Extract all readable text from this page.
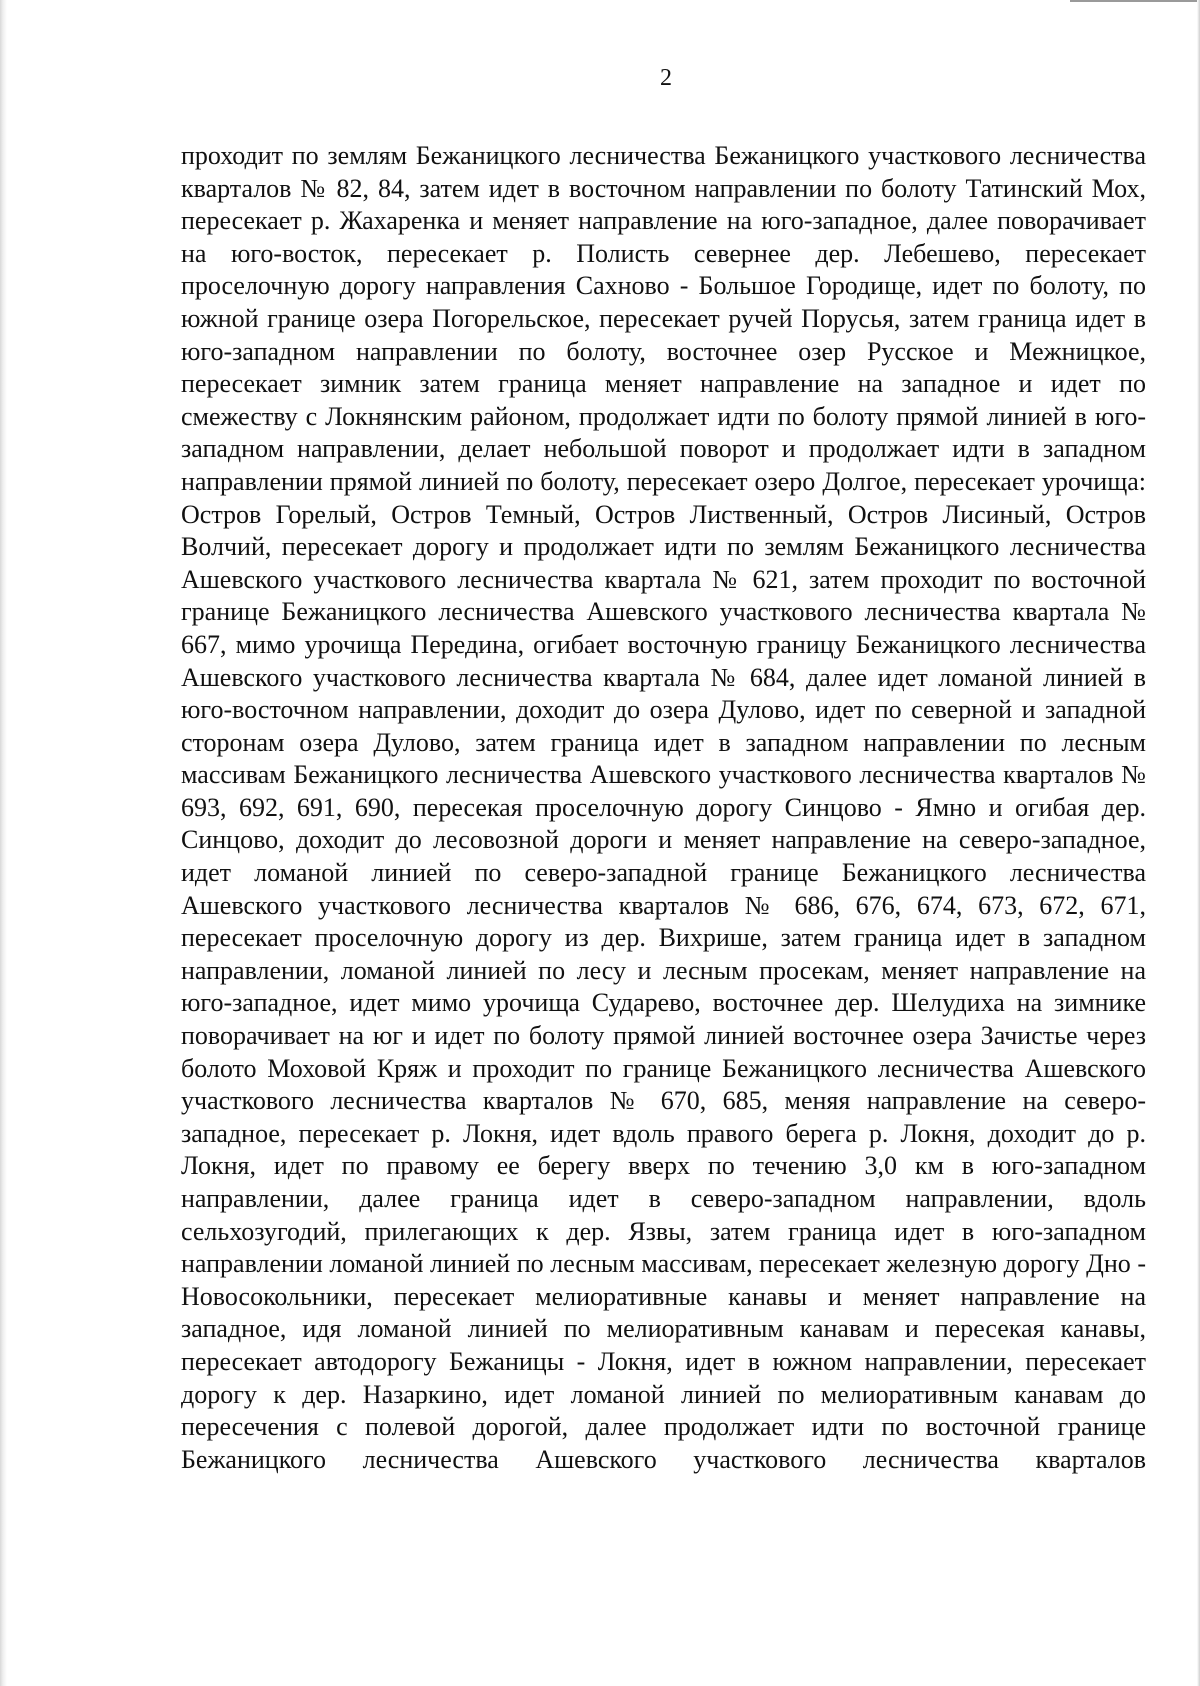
2

проходит по землям Бежаницкого лесничества Бежаницкого участкового лесничества кварталов № 82, 84, затем идет в восточном направлении по болоту Татинский Мох, пересекает р. Жахаренка и меняет направление на юго-западное, далее поворачивает на юго-восток, пересекает р. Полисть севернее дер. Лебешево, пересекает проселочную дорогу направления Сахново - Большое Городище, идет по болоту, по южной границе озера Погорельское, пересекает ручей Порусья, затем граница идет в юго-западном направлении по болоту, восточнее озер Русское и Межницкое, пересекает зимник затем граница меняет направление на западное и идет по смежеству с Локнянским районом, продолжает идти по болоту прямой линией в юго-западном направлении, делает небольшой поворот и продолжает идти в западном направлении прямой линией по болоту, пересекает озеро Долгое, пересекает урочища: Остров Горелый, Остров Темный, Остров Лиственный, Остров Лисиный, Остров Волчий, пересекает дорогу и продолжает идти по землям Бежаницкого лесничества Ашевского участкового лесничества квартала № 621, затем проходит по восточной границе Бежаницкого лесничества Ашевского участкового лесничества квартала № 667, мимо урочища Передина, огибает восточную границу Бежаницкого лесничества Ашевского участкового лесничества квартала № 684, далее идет ломаной линией в юго-восточном направлении, доходит до озера Дулово, идет по северной и западной сторонам озера Дулово, затем граница идет в западном направлении по лесным массивам Бежаницкого лесничества Ашевского участкового лесничества кварталов № 693, 692, 691, 690, пересекая проселочную дорогу Синцово - Ямно и огибая дер. Синцово, доходит до лесовозной дороги и меняет направление на северо-западное, идет ломаной линией по северо-западной границе Бежаницкого лесничества Ашевского участкового лесничества кварталов № 686, 676, 674, 673, 672, 671, пересекает проселочную дорогу из дер. Вихрише, затем граница идет в западном направлении, ломаной линией по лесу и лесным просекам, меняет направление на юго-западное, идет мимо урочища Сударево, восточнее дер. Шелудиха на зимнике поворачивает на юг и идет по болоту прямой линией восточнее озера Зачистье через болото Моховой Кряж и проходит по границе Бежаницкого лесничества Ашевского участкового лесничества кварталов № 670, 685, меняя направление на северо-западное, пересекает р. Локня, идет вдоль правого берега р. Локня, доходит до р. Локня, идет по правому ее берегу вверх по течению 3,0 км в юго-западном направлении, далее граница идет в северо-западном направлении, вдоль сельхозугодий, прилегающих к дер. Язвы, затем граница идет в юго-западном направлении ломаной линией по лесным массивам, пересекает железную дорогу Дно - Новосокольники, пересекает мелиоративные канавы и меняет направление на западное, идя ломаной линией по мелиоративным канавам и пересекая канавы, пересекает автодорогу Бежаницы - Локня, идет в южном направлении, пересекает дорогу к дер. Назаркино, идет ломаной линией по мелиоративным канавам до пересечения с полевой дорогой, далее продолжает идти по восточной границе Бежаницкого лесничества Ашевского участкового лесничества кварталов
